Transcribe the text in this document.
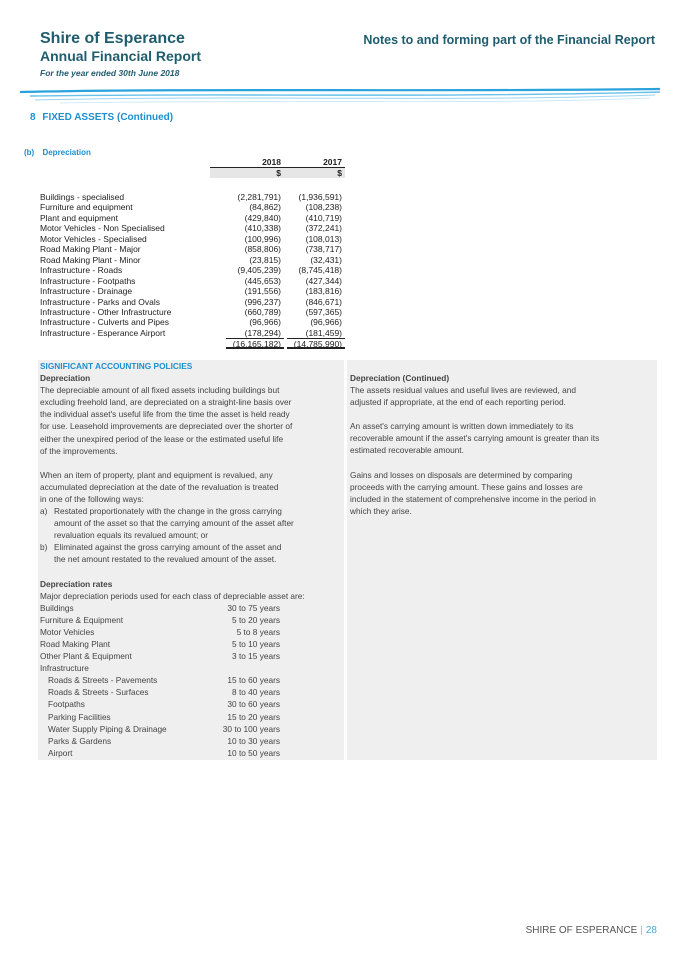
Shire of Esperance
Annual Financial Report
For the year ended 30th June 2018
Notes to and forming part of the Financial Report
8 FIXED ASSETS (Continued)
(b) Depreciation
2018	2017
$	$
Buildings - specialised	(2,281,791)	(1,936,591)
Furniture and equipment	(84,862)	(108,238)
Plant and equipment	(429,840)	(410,719)
Motor Vehicles - Non Specialised	(410,338)	(372,241)
Motor Vehicles - Specialised	(100,996)	(108,013)
Road Making Plant - Major	(858,806)	(738,717)
Road Making Plant - Minor	(23,815)	(32,431)
Infrastructure - Roads	(9,405,239)	(8,745,418)
Infrastructure - Footpaths	(445,653)	(427,344)
Infrastructure - Drainage	(191,556)	(183,816)
Infrastructure - Parks and Ovals	(996,237)	(846,671)
Infrastructure - Other Infrastructure	(660,789)	(597,365)
Infrastructure - Culverts and Pipes	(96,966)	(96,966)
Infrastructure - Esperance Airport	(178,294)	(181,459)
(16,165,182)	(14,785,990)

SIGNIFICANT ACCOUNTING POLICIES

Depreciation

The depreciable amount of all fixed assets including buildings but

excluding freehold land, are depreciated on a straight-line basis over

the individual asset's useful life from the time the asset is held ready

for use. Leasehold improvements are depreciated over the shorter of

either the unexpired period of the lease or the estimated useful life

of the improvements.

When an item of property, plant and equipment is revalued, any

accumulated depreciation at the date of the revaluation is treated

in one of the following ways:

a) Restated proportionately with the change in the gross carrying

amount of the asset so that the carrying amount of the asset after

revaluation equals its revalued amount; or

b) Eliminated against the gross carrying amount of the asset and

the net amount restated to the revalued amount of the asset.

Depreciation rates

Major depreciation periods used for each class of depreciable asset are:

Buildings	30 to 75 years
Furniture & Equipment	5 to 20 years
Motor Vehicles	5 to 8 years
Road Making Plant	5 to 10 years
Other Plant & Equipment	3 to 15 years
Infrastructure
Roads & Streets - Pavements	15 to 60 years
Roads & Streets - Surfaces	8 to 40 years
Footpaths	30 to 60 years
Parking Facilities	15 to 20 years
Water Supply Piping & Drainage	30 to 100 years
Parks & Gardens	10 to 30 years
Airport	10 to 50 years

Depreciation (Continued)

The assets residual values and useful lives are reviewed, and

adjusted if appropriate, at the end of each reporting period.

An asset's carrying amount is written down immediately to its

recoverable amount if the asset's carrying amount is greater than its

estimated recoverable amount.

Gains and losses on disposals are determined by comparing

proceeds with the carrying amount. These gains and losses are

included in the statement of comprehensive income in the period in

which they arise.

SHIRE OF ESPERANCE | 28
